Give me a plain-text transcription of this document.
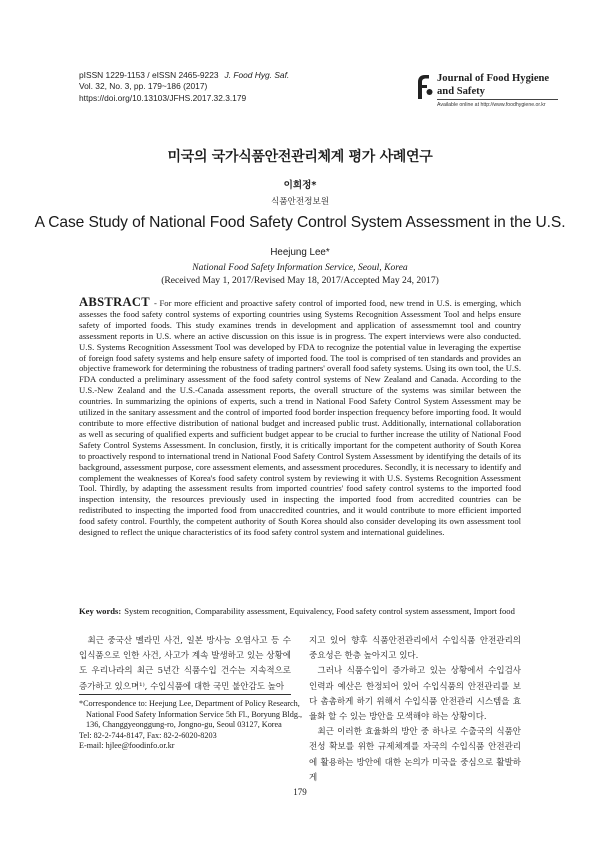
pISSN 1229-1153 / eISSN 2465-9223 J. Food Hyg. Saf.
Vol. 32, No. 3, pp. 179~186 (2017)
https://doi.org/10.13103/JFHS.2017.32.3.179
Journal of Food Hygiene
and Safety
Available online at http://www.foodhygiene.or.kr
미국의 국가식품안전관리체계 평가 사례연구
이희정*
식품안전정보원
A Case Study of National Food Safety Control System Assessment in the U.S.
Heejung Lee*
National Food Safety Information Service, Seoul, Korea
(Received May 1, 2017/Revised May 18, 2017/Accepted May 24, 2017)
ABSTRACT - For more efficient and proactive safety control of imported food, new trend in U.S. is emerging, which assesses the food safety control systems of exporting countries using Systems Recognition Assessment Tool and helps ensure safety of imported foods. This study examines trends in development and application of assessmemnt tool and country assessment reports in U.S. where an active discussion on this issue is in progress. The expert interviews were also conducted. U.S. Systems Recognition Assessment Tool was developed by FDA to recognize the potential value in leveraging the expertise of foreign food safety systems and help ensure safety of imported food. The tool is comprised of ten standards and provides an objective framework for determining the robustness of trading partners' overall food safety systems. Using its own tool, the U.S. FDA conducted a preliminary assessment of the food safety control systems of New Zealand and Canada. According to the U.S.-New Zealand and the U.S.-Canada assessment reports, the overall structure of the systems was similar between the countries. In summarizing the opinions of experts, such a trend in National Food Safety Control System Assessment may be utilized in the sanitary assessment and the control of imported food border inspection frequency before importing food. It would contribute to more effective distribution of national budget and increased public trust. Additionally, international collaboration as well as securing of qualified experts and sufficient budget appear to be crucial to further increase the utility of National Food Safety Control Systems Assessment. In conclusion, firstly, it is critically important for the competent authority of South Korea to proactively respond to international trend in National Food Safety Control System Assessment by identifying the details of its background, assessment purpose, core assessment elements, and assessment procedures. Secondly, it is necessary to identify and complement the weaknesses of Korea's food safety control system by reviewing it with U.S. Systems Recognition Assessment Tool. Thirdly, by adapting the assessment results from imported countries' food safety control systems to the imported food inspection intensity, the resources previously used in inspecting the imported food from accredited countries can be redistributed to inspecting the imported food from unaccredited countries, and it would contribute to more efficient imported food safety control. Fourthly, the competent authority of South Korea should also consider developing its own assessment tool designed to reflect the unique characteristics of its food safety control system and international guidelines.
Key words: System recognition, Comparability assessment, Equivalency, Food safety control system assessment, Import food

최근 중국산 멜라민 사건, 일본 방사능 오염사고 등 수입식품으로 인한 사건, 사고가 계속 발생하고 있는 상황에도 우리나라의 최근 5년간 식품수입 건수는 지속적으로 증가하고 있으며¹⁾, 수입식품에 대한 국민 불안감도 높아

지고 있어 향후 식품안전관리에서 수입식품 안전관리의 중요성은 한층 높아지고 있다.

그러나 식품수입이 증가하고 있는 상황에서 수입검사 인력과 예산은 한정되어 있어 수입식품의 안전관리를 보다 촘촘하게 하기 위해서 수입식품 안전관리 시스템을 효율화 할 수 있는 방안을 모색해야 하는 상황이다.

최근 이러한 효율화의 방안 중 하나로 수출국의 식품안전성 확보를 위한 규제체계를 자국의 수입식품 안전관리에 활용하는 방안에 대한 논의가 미국을 중심으로 활발하게

*Correspondence to: Heejung Lee, Department of Policy Research,
National Food Safety Information Service 5th Fl., Boryung Bldg.,
136, Changgyeonggung-ro, Jongno-gu, Seoul 03127, Korea
Tel: 82-2-744-8147, Fax: 82-2-6020-8203
E-mail: hjlee@foodinfo.or.kr
179
